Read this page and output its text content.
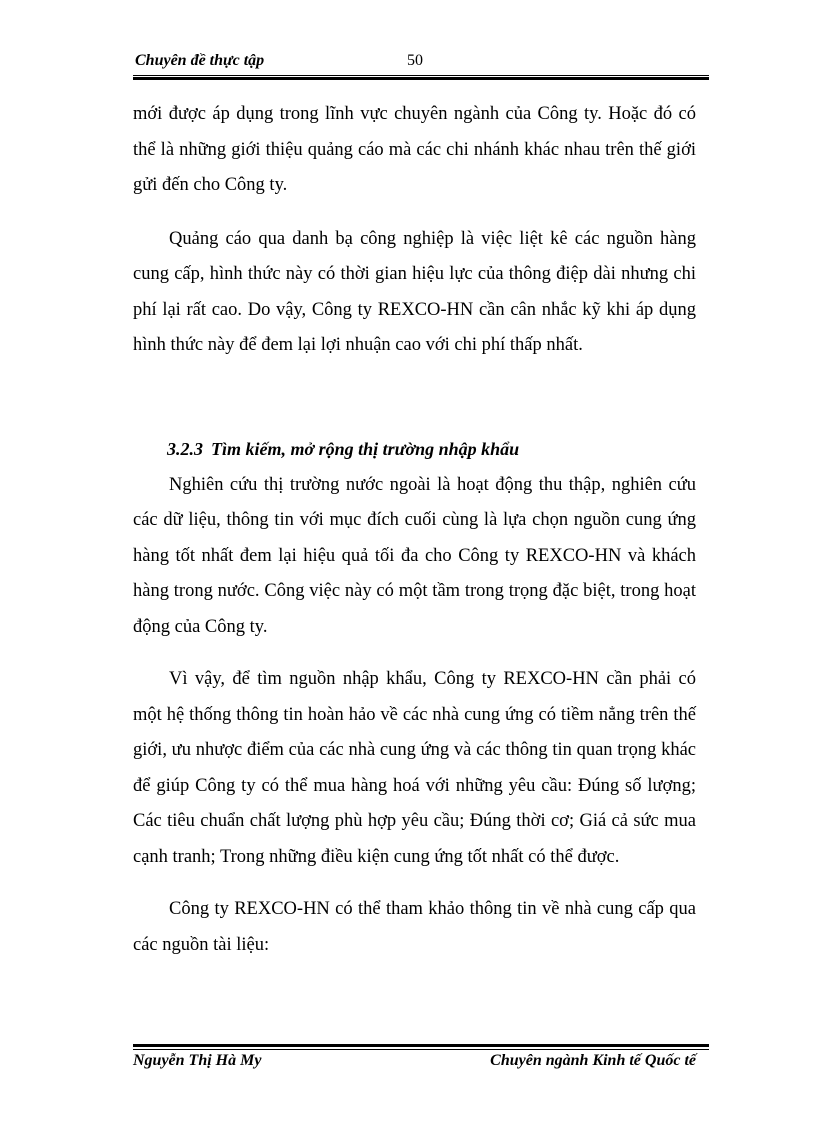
Chuyên đề thực tập	50

mới được áp dụng trong lĩnh vực chuyên ngành của Công ty. Hoặc đó có thể là những giới thiệu quảng cáo mà các chi nhánh khác nhau trên thế giới gửi đến cho Công ty.

Quảng cáo qua danh bạ công nghiệp là việc liệt kê các nguồn hàng cung cấp, hình thức này có thời gian hiệu lực của thông điệp dài nhưng chi phí lại rất cao. Do vậy, Công ty REXCO-HN cần cân nhắc kỹ khi áp dụng hình thức này để đem lại lợi nhuận cao với chi phí thấp nhất.

3.2.3 Tìm kiếm, mở rộng thị trường nhập khẩu

Nghiên cứu thị trường nước ngoài là hoạt động thu thập, nghiên cứu các dữ liệu, thông tin với mục đích cuối cùng là lựa chọn nguồn cung ứng hàng tốt nhất đem lại hiệu quả tối đa cho Công ty REXCO-HN và khách hàng trong nước. Công việc này có một tầm trong trọng đặc biệt, trong hoạt động của Công ty.

Vì vậy, để tìm nguồn nhập khẩu, Công ty REXCO-HN cần phải có một hệ thống thông tin hoàn hảo về các nhà cung ứng có tiềm nẳng trên thế giới, ưu nhược điểm của các nhà cung ứng và các thông tin quan trọng khác để giúp Công ty có thể mua hàng hoá với những yêu cầu: Đúng số lượng; Các tiêu chuẩn chất lượng phù hợp yêu cầu; Đúng thời cơ; Giá cả sức mua cạnh tranh; Trong những điều kiện cung ứng tốt nhất có thể được.

Công ty REXCO-HN có thể tham khảo thông tin về nhà cung cấp qua các nguồn tài liệu:

Nguyễn Thị Hà My	Chuyên ngành Kinh tế Quốc tế
